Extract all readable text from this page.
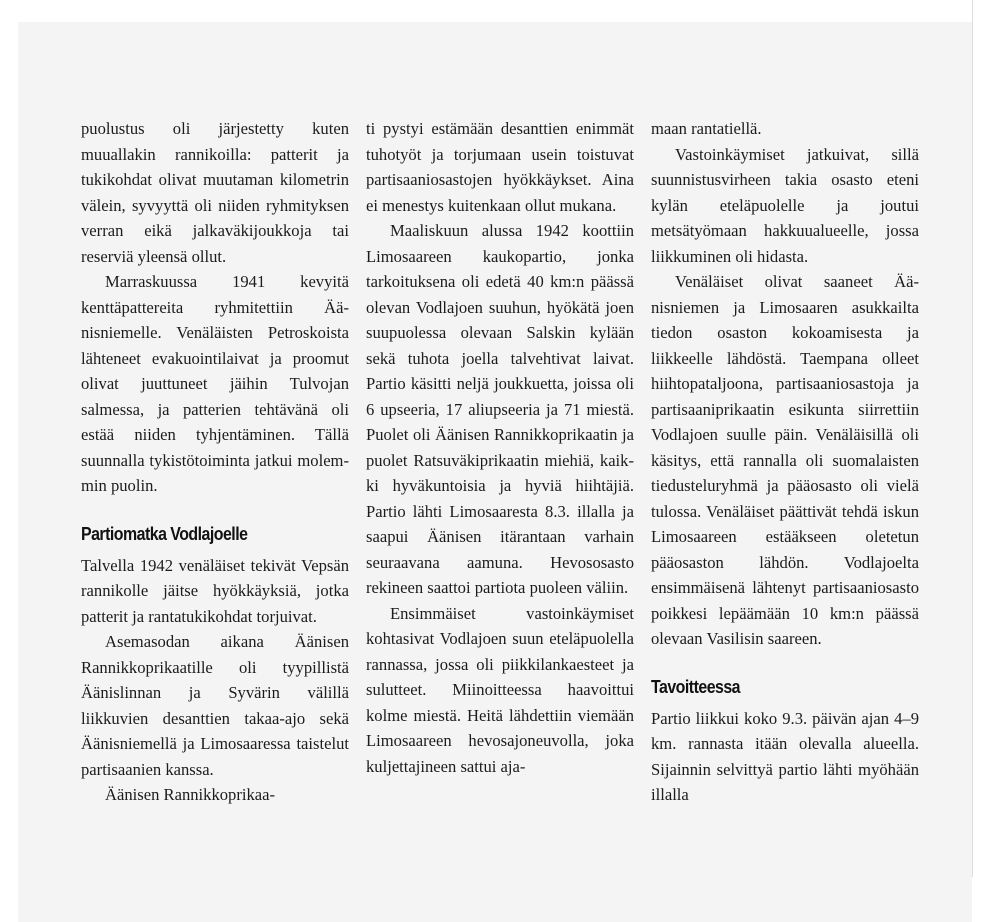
puolustus oli järjestetty kuten muuallakin rannikoilla: patterit ja tukikohdat olivat muutaman kilometrin välein, syvyyttä oli niiden ryhmityksen verran eikä jalkaväkijoukkoja tai reserviä yleensä ollut.

Marraskuussa 1941 kevyitä kenttäpattereita ryhmitettiin Äänisniemelle. Venäläisten Petroskoista lähteneet evakuointilaivat ja proomut olivat juuttuneet jäihin Tulvojan salmessa, ja patterien tehtävänä oli estää niiden tyhjentäminen. Tällä suunnalla tykistötoiminta jatkui molemmin puolin.

Partiomatka Vodlajoelle

Talvella 1942 venäläiset tekivät Vepsän rannikolle jäitse hyökkäyksiä, jotka patterit ja rantatukikohdat torjuivat.

Asemasodan aikana Äänisen Rannikkoprikaatille oli tyypillistä Äänislinnan ja Syvärin välillä liikkuvien desanttien takaa-ajo sekä Äänisniemellä ja Limosaaressa taistelut partisaanien kanssa.

Äänisen Rannikkoprikaa-

ti pystyi estämään desanttien enimmät tuhotyöt ja torjumaan usein toistuvat partisaaniosastojen hyökkäykset. Aina ei menestys kuitenkaan ollut mukana.

Maaliskuun alussa 1942 koottiin Limosaareen kaukopartio, jonka tarkoituksena oli edetä 40 km:n päässä olevan Vodlajoen suuhun, hyökätä joen suupuolessa olevaan Salskin kylään sekä tuhota joella talvehtivat laivat. Partio käsitti neljä joukkuetta, joissa oli 6 upseeria, 17 aliupseeria ja 71 miestä. Puolet oli Äänisen Rannikkoprikaatin ja puolet Ratsuväkiprikaatin miehiä, kaikki hyväkuntoisia ja hyviä hiihtäjiä. Partio lähti Limosaaresta 8.3. illalla ja saapui Äänisen itärantaan varhain seuraavana aamuna. Hevososasto rekineen saattoi partiota puoleen väliin.

Ensimmäiset vastoinkäymiset kohtasivat Vodlajoen suun eteläpuolella rannassa, jossa oli piikkilankaesteet ja sulutteet. Miinoitteessa haavoittui kolme miestä. Heitä lähdettiin viemään Limosaareen hevosajoneuvolla, joka kuljettajineen sattui aja-

maan rantatiellä.

Vastoinkäymiset jatkuivat, sillä suunnistusvirheen takia osasto eteni kylän eteläpuolelle ja joutui metsätyömaan hakkuualueelle, jossa liikkuminen oli hidasta.

Venäläiset olivat saaneet Äänisniemen ja Limosaaren asukkailta tiedon osaston kokoamisesta ja liikkeelle lähdöstä. Taempana olleet hiihtopataljoona, partisaaniosastoja ja partisaaniprikaatin esikunta siirrettiin Vodlajoen suulle päin. Venäläisillä oli käsitys, että rannalla oli suomalaisten tiedusteluryhmä ja pääosasto oli vielä tulossa. Venäläiset päättivät tehdä iskun Limosaareen estääkseen oletetun pääosaston lähdön. Vodlajoelta ensimmäisenä lähtenyt partisaaniosasto poikkesi lepäämään 10 km:n päässä olevaan Vasilisin saareen.

Tavoitteessa

Partio liikkui koko 9.3. päivän ajan 4–9 km. rannasta itään olevalla alueella. Sijainnin selvittyä partio lähti myöhään illalla
